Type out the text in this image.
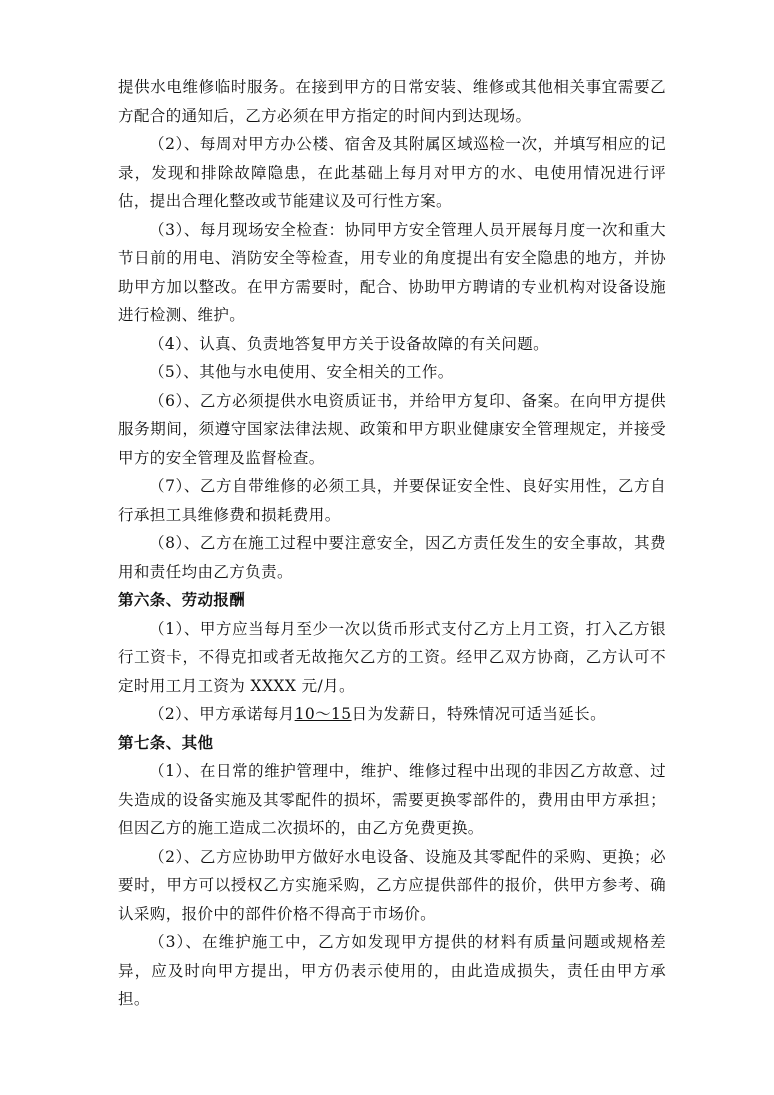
提供水电维修临时服务。在接到甲方的日常安装、维修或其他相关事宜需要乙方配合的通知后，乙方必须在甲方指定的时间内到达现场。

（2）、每周对甲方办公楼、宿舍及其附属区域巡检一次，并填写相应的记录，发现和排除故障隐患，在此基础上每月对甲方的水、电使用情况进行评估，提出合理化整改或节能建议及可行性方案。

（3）、每月现场安全检查：协同甲方安全管理人员开展每月度一次和重大节日前的用电、消防安全等检查，用专业的角度提出有安全隐患的地方，并协助甲方加以整改。在甲方需要时，配合、协助甲方聘请的专业机构对设备设施进行检测、维护。

（4）、认真、负责地答复甲方关于设备故障的有关问题。

（5）、其他与水电使用、安全相关的工作。

（6）、乙方必须提供水电资质证书，并给甲方复印、备案。在向甲方提供服务期间，须遵守国家法律法规、政策和甲方职业健康安全管理规定，并接受甲方的安全管理及监督检查。

（7）、乙方自带维修的必须工具，并要保证安全性、良好实用性，乙方自行承担工具维修费和损耗费用。

（8）、乙方在施工过程中要注意安全，因乙方责任发生的安全事故，其费用和责任均由乙方负责。

第六条、劳动报酬

（1）、甲方应当每月至少一次以货币形式支付乙方上月工资，打入乙方银行工资卡，不得克扣或者无故拖欠乙方的工资。经甲乙双方协商，乙方认可不定时用工月工资为 XXXX 元/月。

（2）、甲方承诺每月10～15日为发薪日，特殊情况可适当延长。

第七条、其他

（1）、在日常的维护管理中，维护、维修过程中出现的非因乙方故意、过失造成的设备实施及其零配件的损坏，需要更换零部件的，费用由甲方承担；但因乙方的施工造成二次损坏的，由乙方免费更换。

（2）、乙方应协助甲方做好水电设备、设施及其零配件的采购、更换；必要时，甲方可以授权乙方实施采购，乙方应提供部件的报价，供甲方参考、确认采购，报价中的部件价格不得高于市场价。

（3）、在维护施工中，乙方如发现甲方提供的材料有质量问题或规格差异，应及时向甲方提出，甲方仍表示使用的，由此造成损失，责任由甲方承担。
